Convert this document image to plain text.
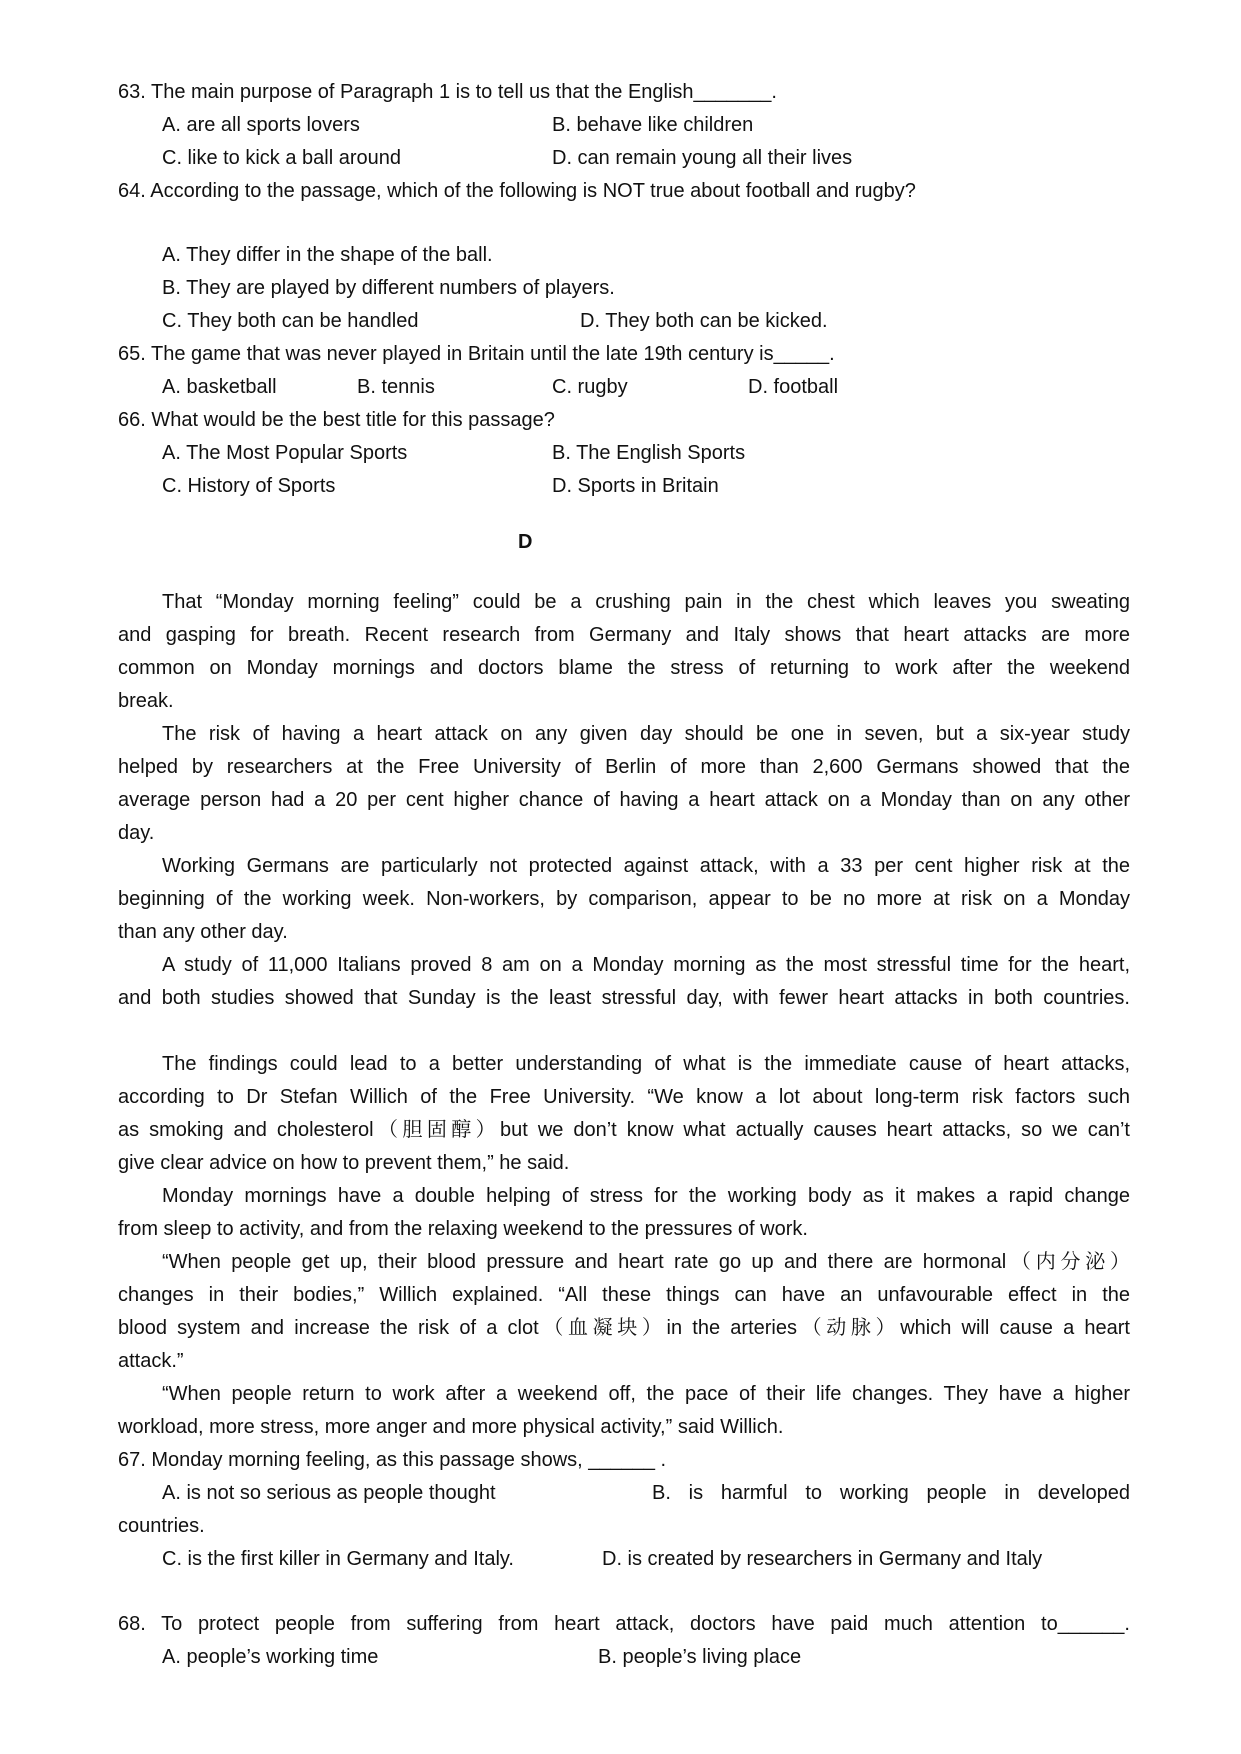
63. The main purpose of Paragraph 1 is to tell us that the English_______.
A. are all sports lovers	B. behave like children
C. like to kick a ball around	D. can remain young all their lives
64. According to the passage, which of the following is NOT true about football and rugby?
A. They differ in the shape of the ball.
B. They are played by different numbers of players.
C. They both can be handled	D. They both can be kicked.
65. The game that was never played in Britain until the late 19th century is_____.
A. basketball	B. tennis	C. rugby	D. football
66. What would be the best title for this passage?
A. The Most Popular Sports	B. The English Sports
C. History of Sports	D. Sports in Britain
D
That “Monday morning feeling” could be a crushing pain in the chest which leaves you sweating
and gasping for breath. Recent research from Germany and Italy shows that heart attacks are more
common on Monday mornings and doctors blame the stress of returning to work after the weekend
break.
The risk of having a heart attack on any given day should be one in seven, but a six-year study
helped by researchers at the Free University of Berlin of more than 2,600 Germans showed that the
average person had a 20 per cent higher chance of having a heart attack on a Monday than on any other
day.
Working Germans are particularly not protected against attack, with a 33 per cent higher risk at the
beginning of the working week. Non-workers, by comparison, appear to be no more at risk on a Monday
than any other day.
A study of 11,000 Italians proved 8 am on a Monday morning as the most stressful time for the heart,
and both studies showed that Sunday is the least stressful day, with fewer heart attacks in both countries.
The findings could lead to a better understanding of what is the immediate cause of heart attacks,
according to Dr Stefan Willich of the Free University. “We know a lot about long-term risk factors such
as smoking and cholesterol（胆固醇）but we don’t know what actually causes heart attacks, so we can’t
give clear advice on how to prevent them,” he said.
Monday mornings have a double helping of stress for the working body as it makes a rapid change
from sleep to activity, and from the relaxing weekend to the pressures of work.
“When people get up, their blood pressure and heart rate go up and there are hormonal（内分泌）
changes in their bodies,” Willich explained. “All these things can have an unfavourable effect in the
blood system and increase the risk of a clot（血凝块）in the arteries（动脉）which will cause a heart
attack.”
“When people return to work after a weekend off, the pace of their life changes. They have a higher
workload, more stress, more anger and more physical activity,” said Willich.
67. Monday morning feeling, as this passage shows, ______ .
A. is not so serious as people thought	B. is harmful to working people in developed
countries.
C. is the first killer in Germany and Italy.	D. is created by researchers in Germany and Italy
68. To protect people from suffering from heart attack, doctors have paid much attention to______.
A. people’s working time	B. people’s living place
